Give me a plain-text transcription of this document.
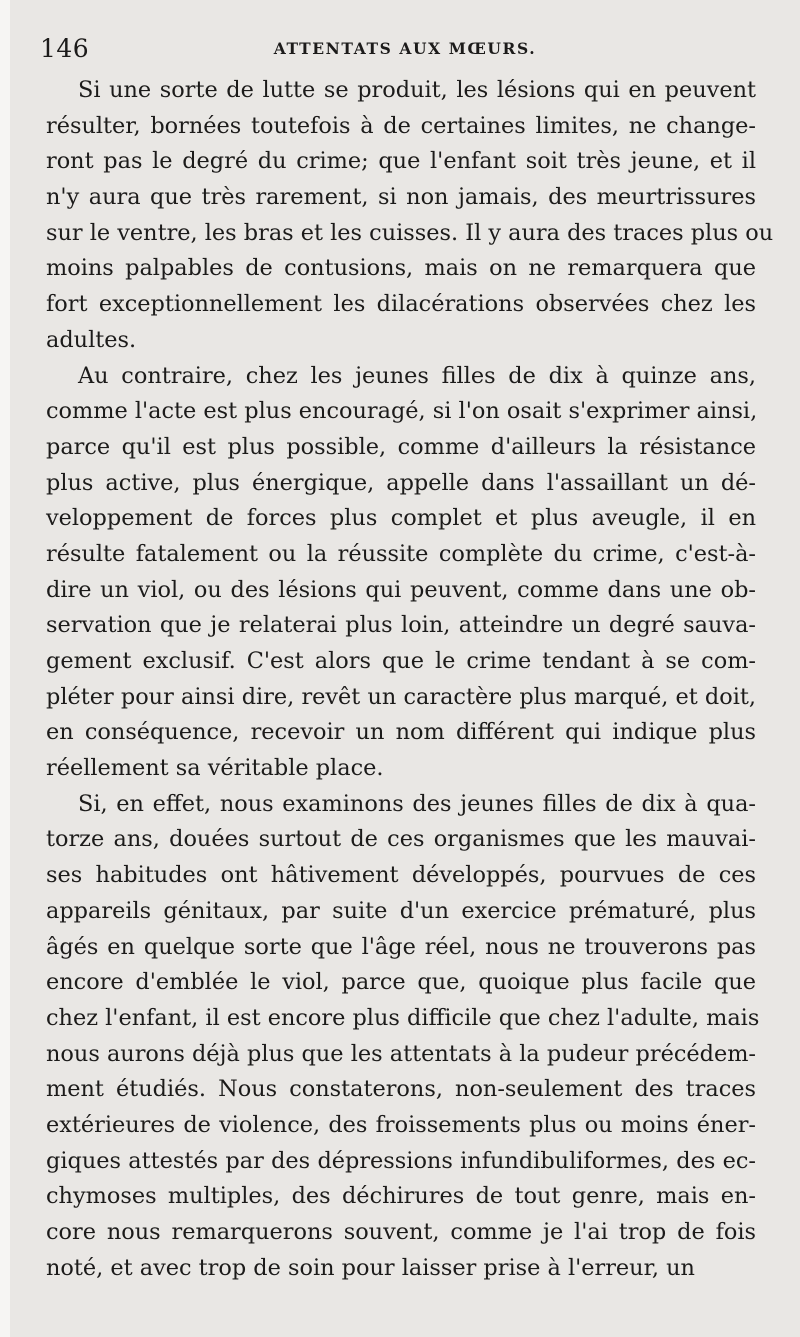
146	ATTENTATS AUX MŒURS.
Si une sorte de lutte se produit, les lésions qui en peuvent
résulter, bornées toutefois à de certaines limites, ne change-
ront pas le degré du crime; que l'enfant soit très jeune, et il
n'y aura que très rarement, si non jamais, des meurtrissures
sur le ventre, les bras et les cuisses. Il y aura des traces plus ou
moins palpables de contusions, mais on ne remarquera que
fort exceptionnellement les dilacérations observées chez les
adultes.
Au contraire, chez les jeunes filles de dix à quinze ans,
comme l'acte est plus encouragé, si l'on osait s'exprimer ainsi,
parce qu'il est plus possible, comme d'ailleurs la résistance
plus active, plus énergique, appelle dans l'assaillant un dé-
veloppement de forces plus complet et plus aveugle, il en
résulte fatalement ou la réussite complète du crime, c'est-à-
dire un viol, ou des lésions qui peuvent, comme dans une ob-
servation que je relaterai plus loin, atteindre un degré sauva-
gement exclusif. C'est alors que le crime tendant à se com-
pléter pour ainsi dire, revêt un caractère plus marqué, et doit,
en conséquence, recevoir un nom différent qui indique plus
réellement sa véritable place.
Si, en effet, nous examinons des jeunes filles de dix à qua-
torze ans, douées surtout de ces organismes que les mauvai-
ses habitudes ont hâtivement développés, pourvues de ces
appareils génitaux, par suite d'un exercice prématuré, plus
âgés en quelque sorte que l'âge réel, nous ne trouverons pas
encore d'emblée le viol, parce que, quoique plus facile que
chez l'enfant, il est encore plus difficile que chez l'adulte, mais
nous aurons déjà plus que les attentats à la pudeur précédem-
ment étudiés. Nous constaterons, non-seulement des traces
extérieures de violence, des froissements plus ou moins éner-
giques attestés par des dépressions infundibuliformes, des ec-
chymoses multiples, des déchirures de tout genre, mais en-
core nous remarquerons souvent, comme je l'ai trop de fois
noté, et avec trop de soin pour laisser prise à l'erreur, un
